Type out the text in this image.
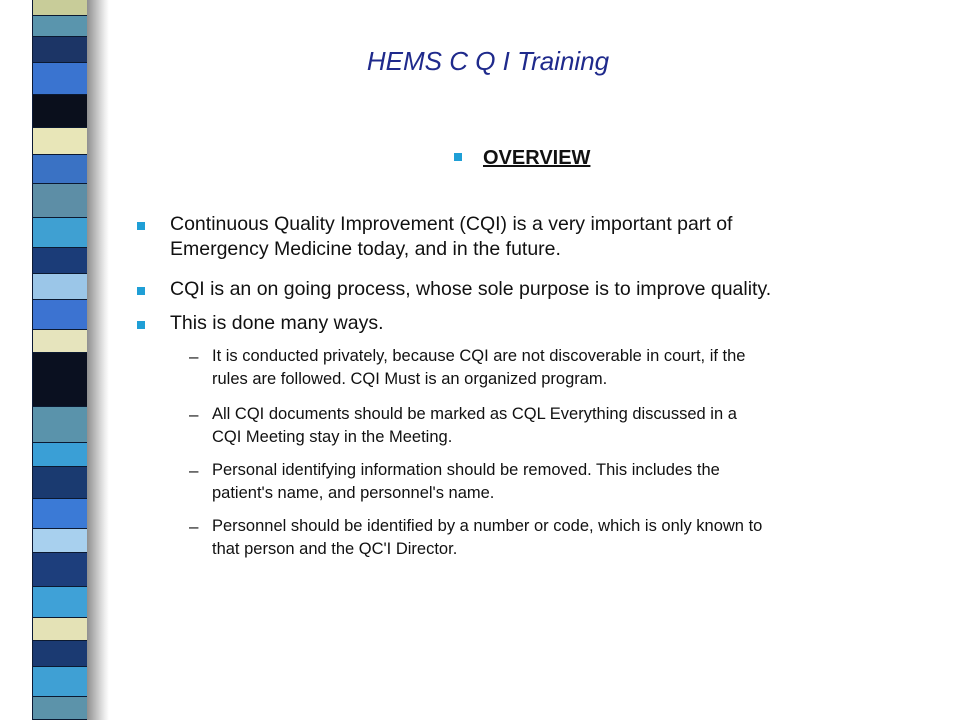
HEMS C Q I Training
OVERVIEW
Continuous Quality Improvement (CQI) is a very important part of
Emergency Medicine today, and in the future.
CQI is an on going process, whose sole purpose is to improve quality.
This is done many ways.
– It is conducted privately, because CQI are not discoverable in court, if the
rules are followed. CQI Must is an organized program.
– All CQI documents should be marked as CQL Everything discussed in a
CQI Meeting stay in the Meeting.
– Personal identifying information should be removed. This includes the
patient's name, and personnel's name.
– Personnel should be identified by a number or code, which is only known to
that person and the QC'I Director.
